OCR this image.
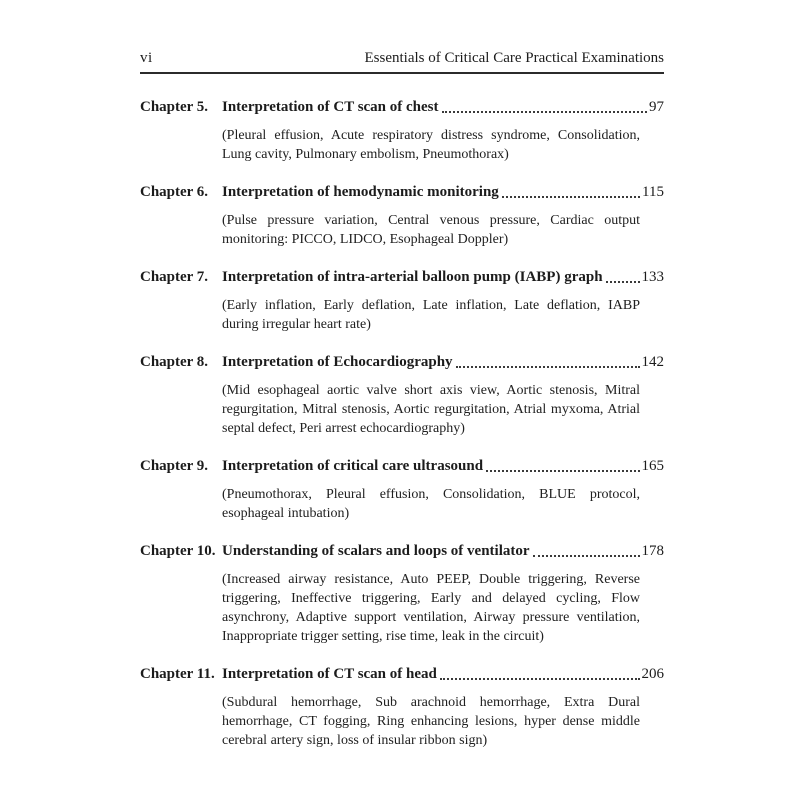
vi	Essentials of Critical Care Practical Examinations
Chapter 5. Interpretation of CT scan of chest	97
(Pleural effusion, Acute respiratory distress syndrome, Consolidation, Lung cavity, Pulmonary embolism, Pneumothorax)
Chapter 6. Interpretation of hemodynamic monitoring	115
(Pulse pressure variation, Central venous pressure, Cardiac output monitoring: PICCO, LIDCO, Esophageal Doppler)
Chapter 7. Interpretation of intra-arterial balloon pump (IABP) graph	133
(Early inflation, Early deflation, Late inflation, Late deflation, IABP during irregular heart rate)
Chapter 8. Interpretation of Echocardiography	142
(Mid esophageal aortic valve short axis view, Aortic stenosis, Mitral regurgitation, Mitral stenosis, Aortic regurgitation, Atrial myxoma, Atrial septal defect, Peri arrest echocardiography)
Chapter 9. Interpretation of critical care ultrasound	165
(Pneumothorax, Pleural effusion, Consolidation, BLUE protocol, esophageal intubation)
Chapter 10. Understanding of scalars and loops of ventilator	178
(Increased airway resistance, Auto PEEP, Double triggering, Reverse triggering, Ineffective triggering, Early and delayed cycling, Flow asynchrony, Adaptive support ventilation, Airway pressure ventilation, Inappropriate trigger setting, rise time, leak in the circuit)
Chapter 11. Interpretation of CT scan of head	206
(Subdural hemorrhage, Sub arachnoid hemorrhage, Extra Dural hemorrhage, CT fogging, Ring enhancing lesions, hyper dense middle cerebral artery sign, loss of insular ribbon sign)
